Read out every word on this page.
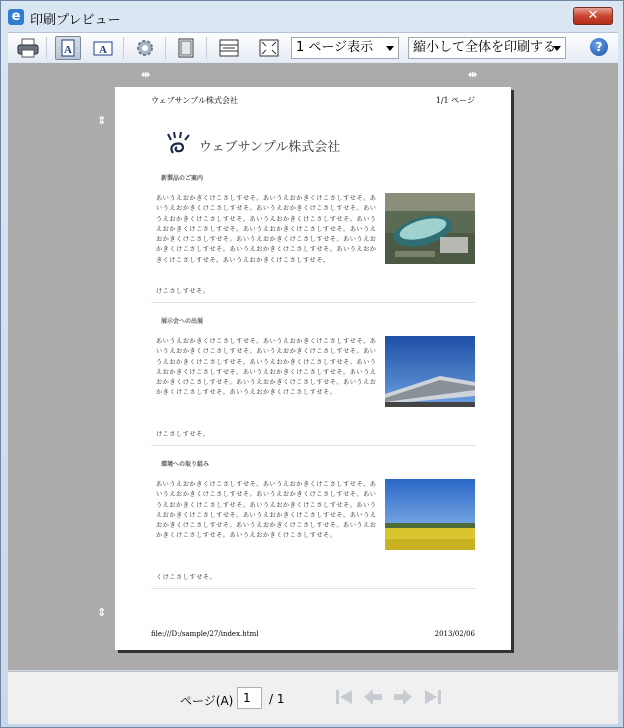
e 印刷プレビュー	✕
A A	1 ページ表示	縮小して全体を印刷する	?
⇹	⇹
⇕
⇕
ウェブサンプル株式会社	1/1 ページ
ウェブサンプル株式会社
新製品のご案内
あいうえおかきくけこさしすせそ。あいうえおかきくけこさしすせそ。あいうえおかきくけこさしすせそ。あいうえおかきくけこさしすせそ。あいうえおかきくけこさしすせそ。あいうえおかきくけこさしすせそ。あいうえおかきくけこさしすせそ。あいうえおかきくけこさしすせそ。あいうえおかきくけこさしすせそ。あいうえおかきくけこさしすせそ。あいうえおかきくけこさしすせそ。あいうえおかきくけこさしすせそ。あいうえおかきくけこさしすせそ。あいうえおかきくけこさしすせそ。
けこさしすせそ。
展示会への出展
あいうえおかきくけこさしすせそ。あいうえおかきくけこさしすせそ。あいうえおかきくけこさしすせそ。あいうえおかきくけこさしすせそ。あいうえおかきくけこさしすせそ。あいうえおかきくけこさしすせそ。あいうえおかきくけこさしすせそ。あいうえおかきくけこさしすせそ。あいうえおかきくけこさしすせそ。あいうえおかきくけこさしすせそ。あいうえおかきくけこさしすせそ。あいうえおかきくけこさしすせそ。
けこさしすせそ。
環境への取り組み
あいうえおかきくけこさしすせそ。あいうえおかきくけこさしすせそ。あいうえおかきくけこさしすせそ。あいうえおかきくけこさしすせそ。あいうえおかきくけこさしすせそ。あいうえおかきくけこさしすせそ。あいうえおかきくけこさしすせそ。あいうえおかきくけこさしすせそ。あいうえおかきくけこさしすせそ。あいうえおかきくけこさしすせそ。あいうえおかきくけこさしすせそ。あいうえおかきくけこさしすせそ。
くけこさしすせそ。
file:///D:/sample/27/index.html	2013/02/06
ページ(A) 1	/ 1
